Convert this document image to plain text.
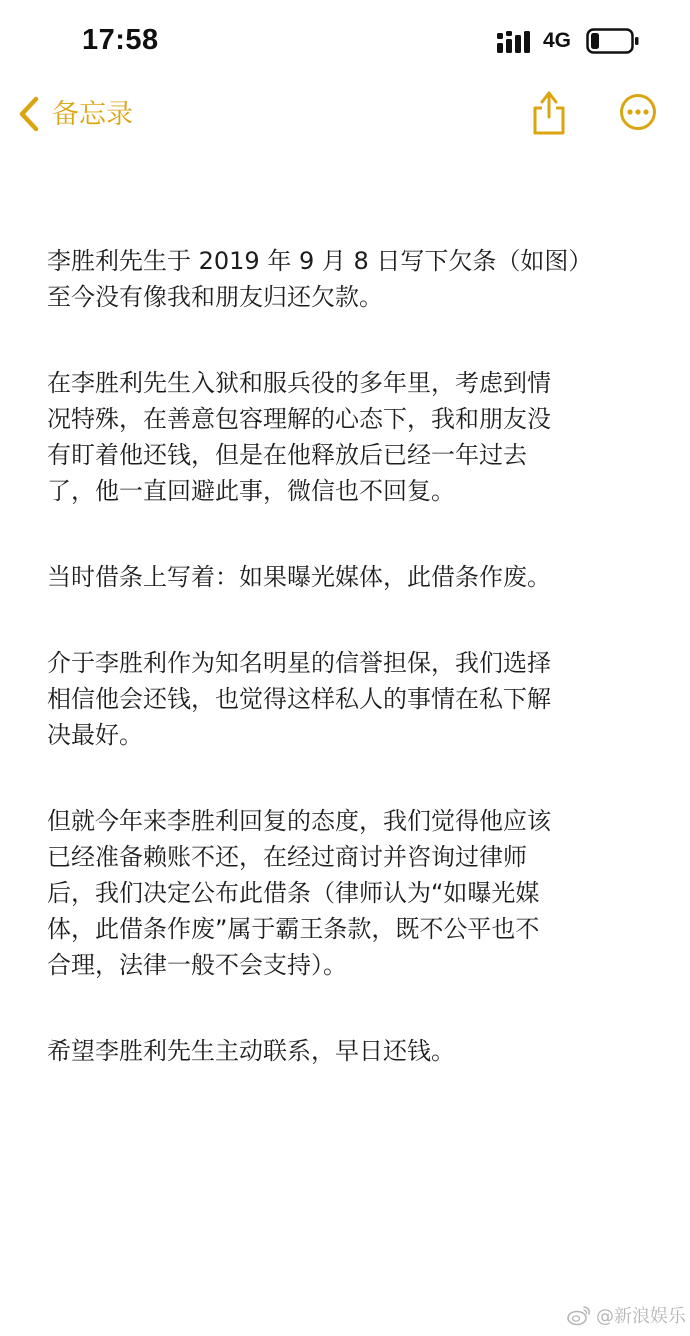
17:58	4G
备忘录

李胜利先生于 2019 年 9 月 8 日写下欠条（如图）
至今没有像我和朋友归还欠款。

在李胜利先生入狱和服兵役的多年里，考虑到情
况特殊，在善意包容理解的心态下，我和朋友没
有盯着他还钱，但是在他释放后已经一年过去
了，他一直回避此事，微信也不回复。

当时借条上写着：如果曝光媒体，此借条作废。

介于李胜利作为知名明星的信誉担保，我们选择
相信他会还钱，也觉得这样私人的事情在私下解
决最好。

但就今年来李胜利回复的态度，我们觉得他应该
已经准备赖账不还，在经过商讨并咨询过律师
后，我们决定公布此借条（律师认为“如曝光媒
体，此借条作废”属于霸王条款，既不公平也不
合理，法律一般不会支持）。

希望李胜利先生主动联系，早日还钱。

@新浪娱乐
